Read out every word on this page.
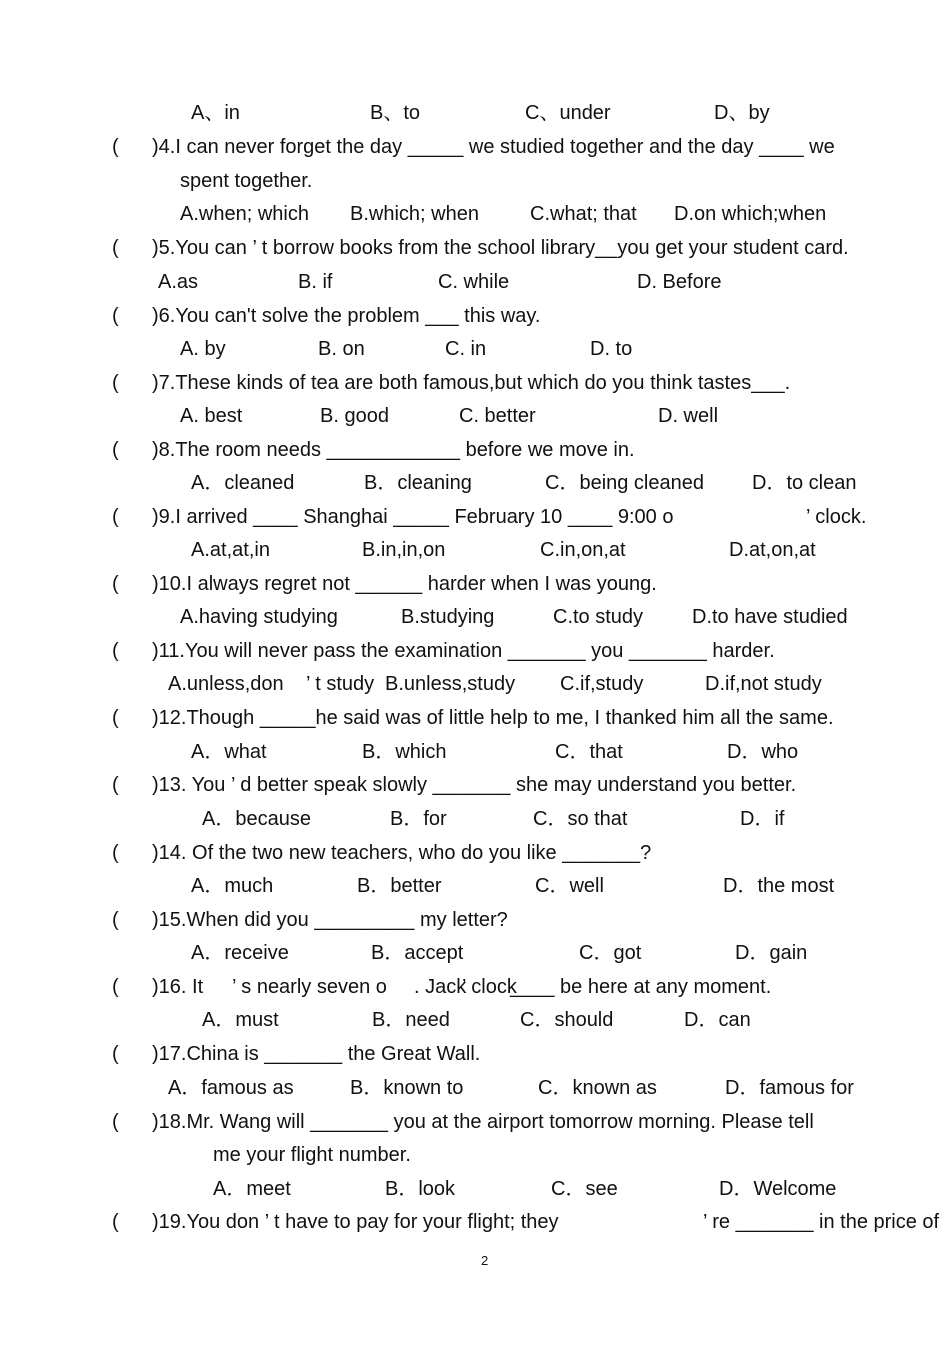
A、in	B、to	C、under	D、by
( )4.I can never forget the day _____ we studied together and the day ____ we
spent together.
A.when; which B.which; when	C.what; that D.on which;when
( )5.You can ’ t borrow books from the school library__you get your student card.
A.as	B. if	C. while	D. Before
( )6.You can't solve the problem ___ this way.
A. by	B. on	C. in	D. to
( )7.These kinds of tea are both famous,but which do you think tastes___.
A. best	B. good	C. better	D. well
( )8.The room needs ____________ before we move in.
A．cleaned	B．cleaning	C．being cleaned D．to clean
( )9.I arrived ____ Shanghai _____ February 10 ____ 9:00 o	’ clock.
A.at,at,in	B.in,in,on	C.in,on,at	D.at,on,at
( )10.I always regret not ______ harder when I was young.
A.having studying	B.studying	C.to study D.to have studied
( )11.You will never pass the examination _______ you _______ harder.
A.unless,don ’ t study B.unless,study C.if,study	D.if,not study
( )12.Though _____he said was of little help to me, I thanked him all the same.
A．what	B．which	C．that	D．who
( )13. You ’ d better speak slowly _______ she may understand you better.
A．because	B．for	C．so that	D．if
( )14. Of the two new teachers, who do you like _______?
A．much	B．better	C．well	D．the most
( )15.When did you _________ my letter?
A．receive	B．accept	C．got	D．gain
( )16. It ’ s nearly seven o . Jack
’ clock
____ be here at any moment.
A．must	B．need	C．should	D．can
( )17.China is _______ the Great Wall.
A．famous as	B．known to	C．known as	D．famous for
( )18.Mr. Wang will _______ you at the airport tomorrow morning. Please tell
me your flight number.
A．meet	B．look	C．see	D．Welcome
( )19.You don ’ t have to pay for your flight; they	’ re _______ in the price of
2
